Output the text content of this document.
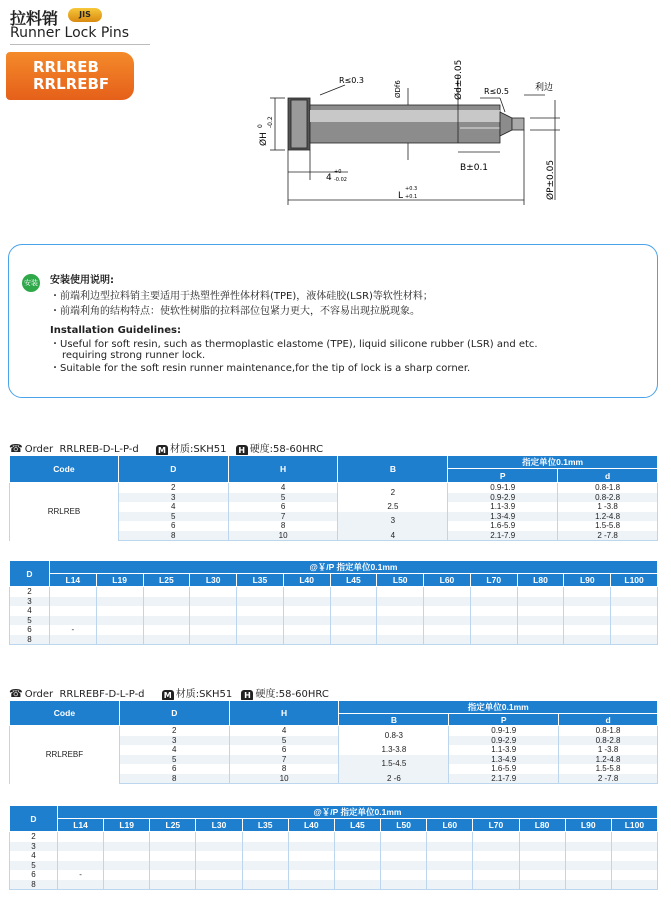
拉料销	JIS
Runner Lock Pins
RRLREB
RRLREBF	R≤0.3	ØDf6	Ød±0.05	R≤0.5	利边
ØH
0 -0.2
B±0.1
4
+0
-0.02
L
+0.3
+0.1	ØP±0.05
安装 安装使用说明:
・前端利边型拉料销主要适用于热塑性弹性体材料(TPE)，液体硅胶(LSR)等软性材料；
・前端利角的结构特点：使软性树脂的拉料部位包紧力更大，不容易出现拉脱现象。
Installation Guidelines:
・Useful for soft resin, such as thermoplastic elastome (TPE), liquid silicone rubber (LSR) and etc.
requiring strong runner lock.
・Suitable for the soft resin runner maintenance,for the tip of lock is a sharp corner.
☎ Order RRLREB-D-L-P-d M 材质:SKH51 H 硬度:58-60HRC
Code	D	H	B	指定单位0.1mm	
				P	d
RRLREB	2	4	2	0.9-1.9	0.8-1.8
	3	5		0.9-2.9	0.8-2.8
	4	6	2.5	1.1-3.9	1 -3.8
	5	7	3	1.3-4.9	1.2-4.8
	6	8		1.6-5.9	1.5-5.8
	8	10	4	2.1-7.9	2 -7.8
D	@￥/P 指定单位0.1mm												
	L14	L19	L25	L30	L35	L40	L45	L50	L60	L70	L80	L90	L100
2													
3													
4													
5													
6	-												
8													
☎ Order RRLREBF-D-L-P-d M 材质:SKH51 H 硬度:58-60HRC
Code	D	H	指定单位0.1mm		
			B	P	d
RRLREBF	2	4	0.8-3	0.9-1.9	0.8-1.8
	3	5		0.9-2.9	0.8-2.8
	4	6	1.3-3.8	1.1-3.9	1 -3.8
	5	7	1.5-4.5	1.3-4.9	1.2-4.8
	6	8		1.6-5.9	1.5-5.8
	8	10	2 -6	2.1-7.9	2 -7.8
D	@￥/P 指定单位0.1mm												
	L14	L19	L25	L30	L35	L40	L45	L50	L60	L70	L80	L90	L100
2													
3													
4													
5													
6	-												
8													
